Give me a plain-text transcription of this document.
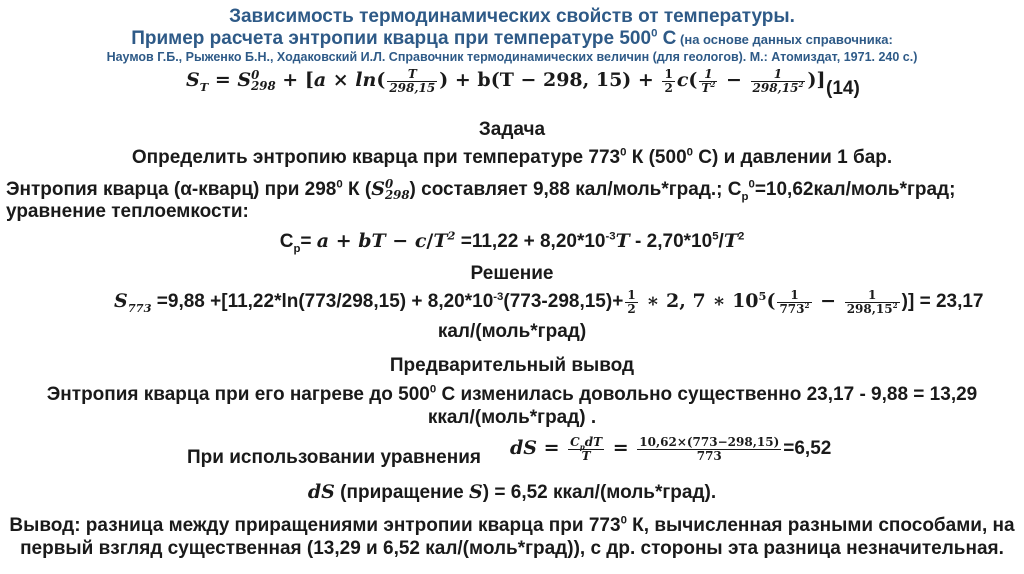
Зависимость термодинамических свойств от температуры.
Пример расчета энтропии кварца при температуре $500^0$ С (на основе данных справочника:
Наумов Г.Б., Рыженко Б.Н., Ходаковский И.Л. Справочник термодинамических величин (для геологов). М.: Атомиздат, 1971. 240 с.)
$S_T = S$ 0
$298 + [a \times \ln( \frac{T}{298,15}$ ) + b(T − 298, $15) + \frac{1}{2} c( \frac{1}{T^2} - \frac{1}{298,15^2}$ )] (14)
Задача
Определить энтропию кварца при температуре $773^0$ К ($500^0$ С) и давлении 1 бар.
Энтропия кварца (α-кварц) при $298^0$ К (S 0
298 ) составляет 9,88 кал/моль*град.; $C_p^0=10,62кал/моль*град$;
уравнение теплоемкости:
$C_p= a$ + bT − $c/T^2 =11,22 + 8,20*10^{-3}T - 2,70*10^5/T^2$
Решение
$S_{773} =9,88 +[11,22*\ln(773/298,15) + 8,20*10^{-3}(773-298,15)+ \frac{1}{2}$ ∗ 2, 7 ∗ $10^5( \frac{1}{773^2} - \frac{1}{298,15^2}$ )] = 23,17
кал/(моль*град)
Предварительный вывод
Энтропия кварца при его нагреве до $500^0$ С изменилась довольно существенно 23,17 - 9,88 = 13,29
ккал/(моль*град) .
При использовании уравнения dS = $\frac{C_pdT}{T} = \frac{10,62\times(773-298,15)}{773} =6,52$
dS (приращение S) = 6,52 ккал/(моль*град).
Вывод: разница между приращениями энтропии кварца при $773^0$ К, вычисленная разными способами, на
первый взгляд существенная (13,29 и 6,52 кал/(моль*град)), с др. стороны эта разница незначительная.
